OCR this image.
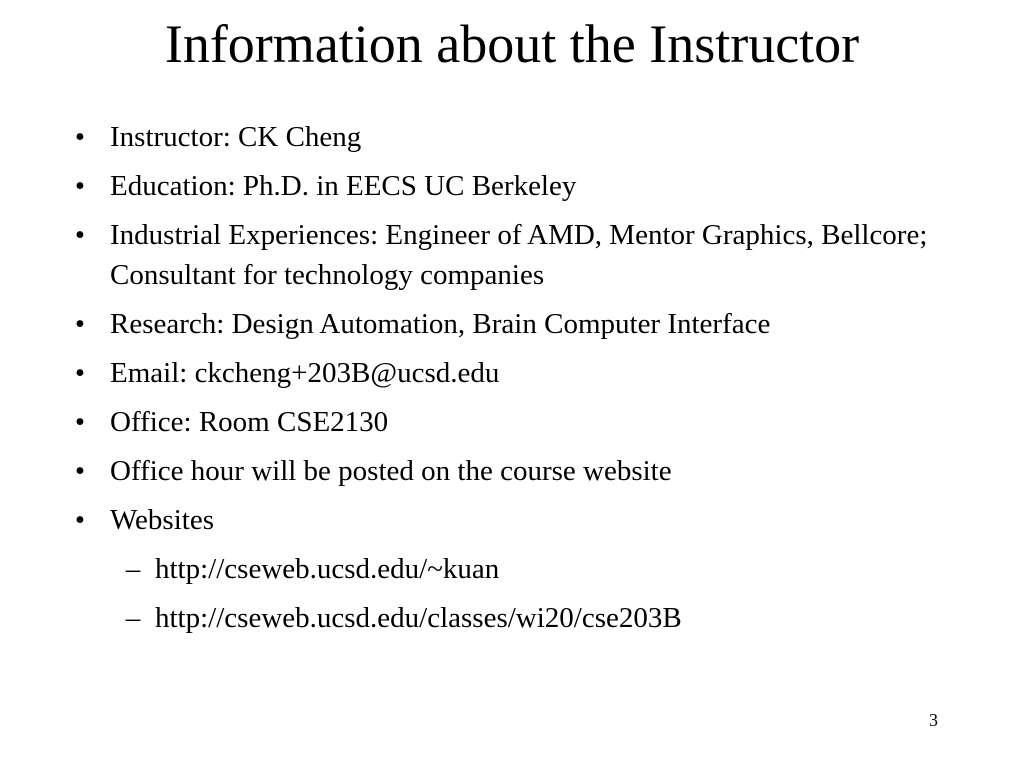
Information about the Instructor
• Instructor: CK Cheng
• Education: Ph.D. in EECS UC Berkeley
• Industrial Experiences: Engineer of AMD, Mentor Graphics, Bellcore; Consultant for technology companies
• Research: Design Automation, Brain Computer Interface
• Email: ckcheng+203B@ucsd.edu
• Office: Room CSE2130
• Office hour will be posted on the course website
• Websites
– http://cseweb.ucsd.edu/~kuan
– http://cseweb.ucsd.edu/classes/wi20/cse203B
3
